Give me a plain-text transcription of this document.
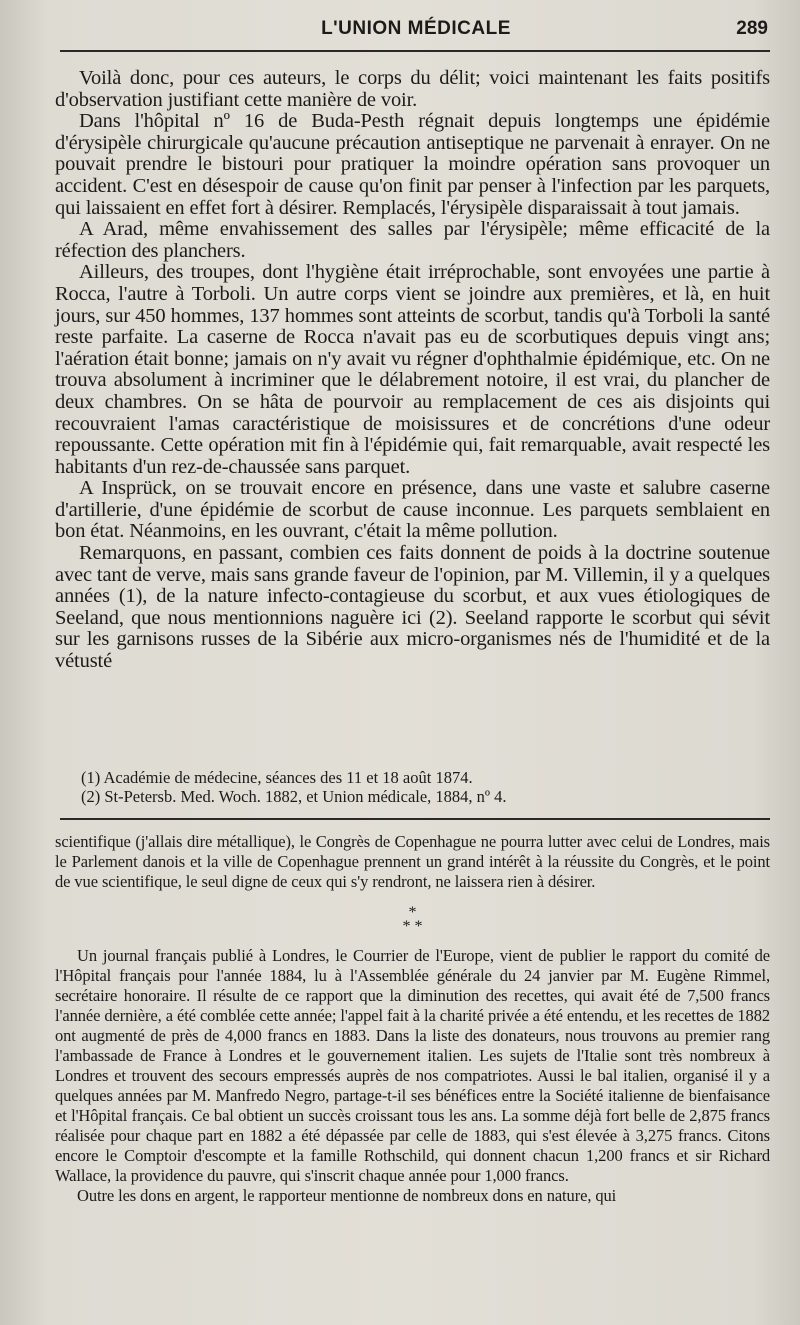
L'UNION MÉDICALE	289

Voilà donc, pour ces auteurs, le corps du délit; voici maintenant les faits positifs d'observation justifiant cette manière de voir.

Dans l'hôpital nº 16 de Buda-Pesth régnait depuis longtemps une épidémie d'érysipèle chirurgicale qu'aucune précaution antiseptique ne parvenait à enrayer. On ne pouvait prendre le bistouri pour pratiquer la moindre opération sans provoquer un accident. C'est en désespoir de cause qu'on finit par penser à l'infection par les parquets, qui laissaient en effet fort à désirer. Remplacés, l'érysipèle disparaissait à tout jamais.

A Arad, même envahissement des salles par l'érysipèle; même efficacité de la réfection des planchers.

Ailleurs, des troupes, dont l'hygiène était irréprochable, sont envoyées une partie à Rocca, l'autre à Torboli. Un autre corps vient se joindre aux premières, et là, en huit jours, sur 450 hommes, 137 hommes sont atteints de scorbut, tandis qu'à Torboli la santé reste parfaite. La caserne de Rocca n'avait pas eu de scorbutiques depuis vingt ans; l'aération était bonne; jamais on n'y avait vu régner d'ophthalmie épidémique, etc. On ne trouva absolument à incriminer que le délabrement notoire, il est vrai, du plancher de deux chambres. On se hâta de pourvoir au remplacement de ces ais disjoints qui recouvraient l'amas caractéristique de moisissures et de concrétions d'une odeur repoussante. Cette opération mit fin à l'épidémie qui, fait remarquable, avait respecté les habitants d'un rez-de-chaussée sans parquet.

A Insprück, on se trouvait encore en présence, dans une vaste et salubre caserne d'artillerie, d'une épidémie de scorbut de cause inconnue. Les parquets semblaient en bon état. Néanmoins, en les ouvrant, c'était la même pollution.

Remarquons, en passant, combien ces faits donnent de poids à la doctrine soutenue avec tant de verve, mais sans grande faveur de l'opinion, par M. Villemin, il y a quelques années (1), de la nature infecto-contagieuse du scorbut, et aux vues étiologiques de Seeland, que nous mentionnions naguère ici (2). Seeland rapporte le scorbut qui sévit sur les garnisons russes de la Sibérie aux micro-organismes nés de l'humidité et de la vétusté

(1) Académie de médecine, séances des 11 et 18 août 1874.
(2) St-Petersb. Med. Woch. 1882, et Union médicale, 1884, nº 4.

scientifique (j'allais dire métallique), le Congrès de Copenhague ne pourra lutter avec celui de Londres, mais le Parlement danois et la ville de Copenhague prennent un grand intérêt à la réussite du Congrès, et le point de vue scientifique, le seul digne de ceux qui s'y rendront, ne laissera rien à désirer.

*
* *

Un journal français publié à Londres, le Courrier de l'Europe, vient de publier le rapport du comité de l'Hôpital français pour l'année 1884, lu à l'Assemblée générale du 24 janvier par M. Eugène Rimmel, secrétaire honoraire. Il résulte de ce rapport que la diminution des recettes, qui avait été de 7,500 francs l'année dernière, a été comblée cette année; l'appel fait à la charité privée a été entendu, et les recettes de 1882 ont augmenté de près de 4,000 francs en 1883. Dans la liste des donateurs, nous trouvons au premier rang l'ambassade de France à Londres et le gouvernement italien. Les sujets de l'Italie sont très nombreux à Londres et trouvent des secours empressés auprès de nos compatriotes. Aussi le bal italien, organisé il y a quelques années par M. Manfredo Negro, partage-t-il ses bénéfices entre la Société italienne de bienfaisance et l'Hôpital français. Ce bal obtient un succès croissant tous les ans. La somme déjà fort belle de 2,875 francs réalisée pour chaque part en 1882 a été dépassée par celle de 1883, qui s'est élevée à 3,275 francs. Citons encore le Comptoir d'escompte et la famille Rothschild, qui donnent chacun 1,200 francs et sir Richard Wallace, la providence du pauvre, qui s'inscrit chaque année pour 1,000 francs.

Outre les dons en argent, le rapporteur mentionne de nombreux dons en nature, qui
